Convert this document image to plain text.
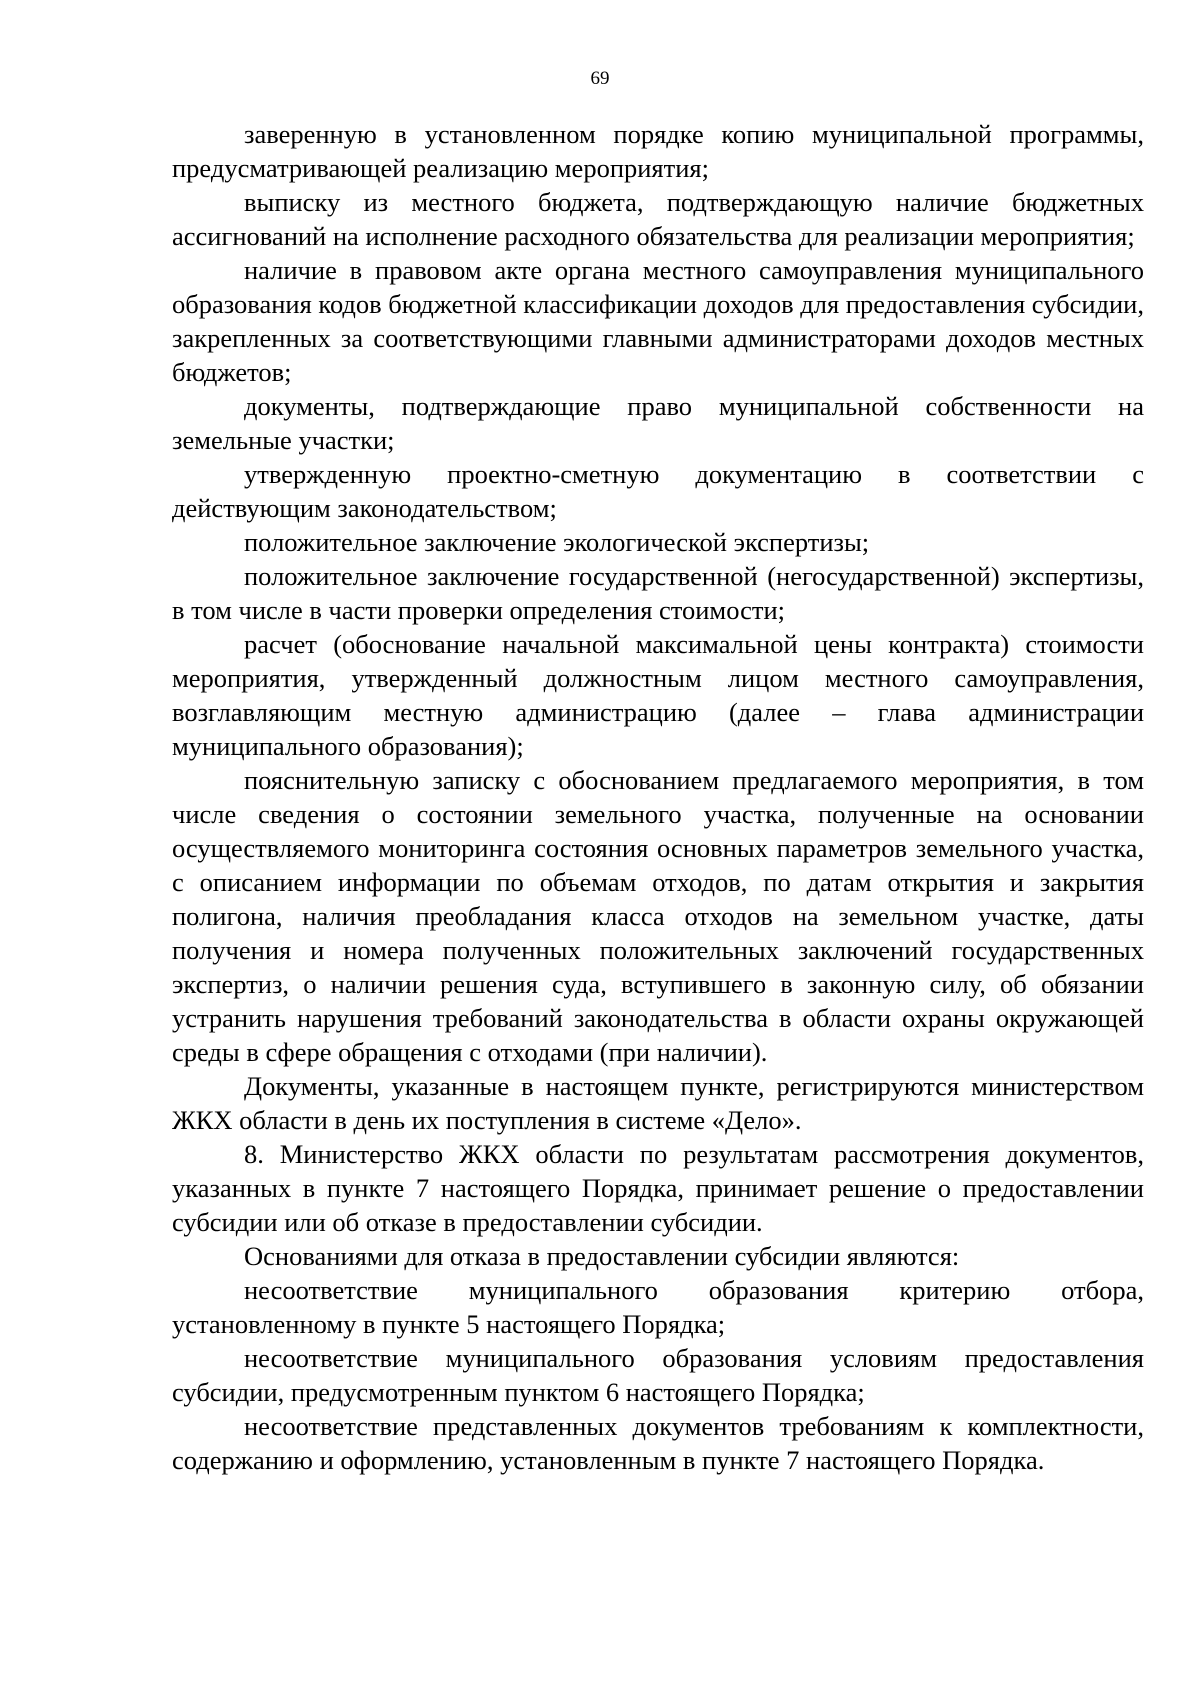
69

заверенную в установленном порядке копию муниципальной программы, предусматривающей реализацию мероприятия;

выписку из местного бюджета, подтверждающую наличие бюджетных ассигнований на исполнение расходного обязательства для реализации мероприятия;

наличие в правовом акте органа местного самоуправления муниципального образования кодов бюджетной классификации доходов для предоставления субсидии, закрепленных за соответствующими главными администраторами доходов местных бюджетов;

документы, подтверждающие право муниципальной собственности на земельные участки;

утвержденную проектно-сметную документацию в соответствии с действующим законодательством;

положительное заключение экологической экспертизы;

положительное заключение государственной (негосударственной) экспертизы, в том числе в части проверки определения стоимости;

расчет (обоснование начальной максимальной цены контракта) стоимости мероприятия, утвержденный должностным лицом местного самоуправления, возглавляющим местную администрацию (далее – глава администрации муниципального образования);

пояснительную записку с обоснованием предлагаемого мероприятия, в том числе сведения о состоянии земельного участка, полученные на основании осуществляемого мониторинга состояния основных параметров земельного участка, с описанием информации по объемам отходов, по датам открытия и закрытия полигона, наличия преобладания класса отходов на земельном участке, даты получения и номера полученных положительных заключений государственных экспертиз, о наличии решения суда, вступившего в законную силу, об обязании устранить нарушения требований законодательства в области охраны окружающей среды в сфере обращения с отходами (при наличии).

Документы, указанные в настоящем пункте, регистрируются министерством ЖКХ области в день их поступления в системе «Дело».

8. Министерство ЖКХ области по результатам рассмотрения документов, указанных в пункте 7 настоящего Порядка, принимает решение о предоставлении субсидии или об отказе в предоставлении субсидии.

Основаниями для отказа в предоставлении субсидии являются:

несоответствие муниципального образования критерию отбора, установленному в пункте 5 настоящего Порядка;

несоответствие муниципального образования условиям предоставления субсидии, предусмотренным пунктом 6 настоящего Порядка;

несоответствие представленных документов требованиям к комплектности, содержанию и оформлению, установленным в пункте 7 настоящего Порядка.
